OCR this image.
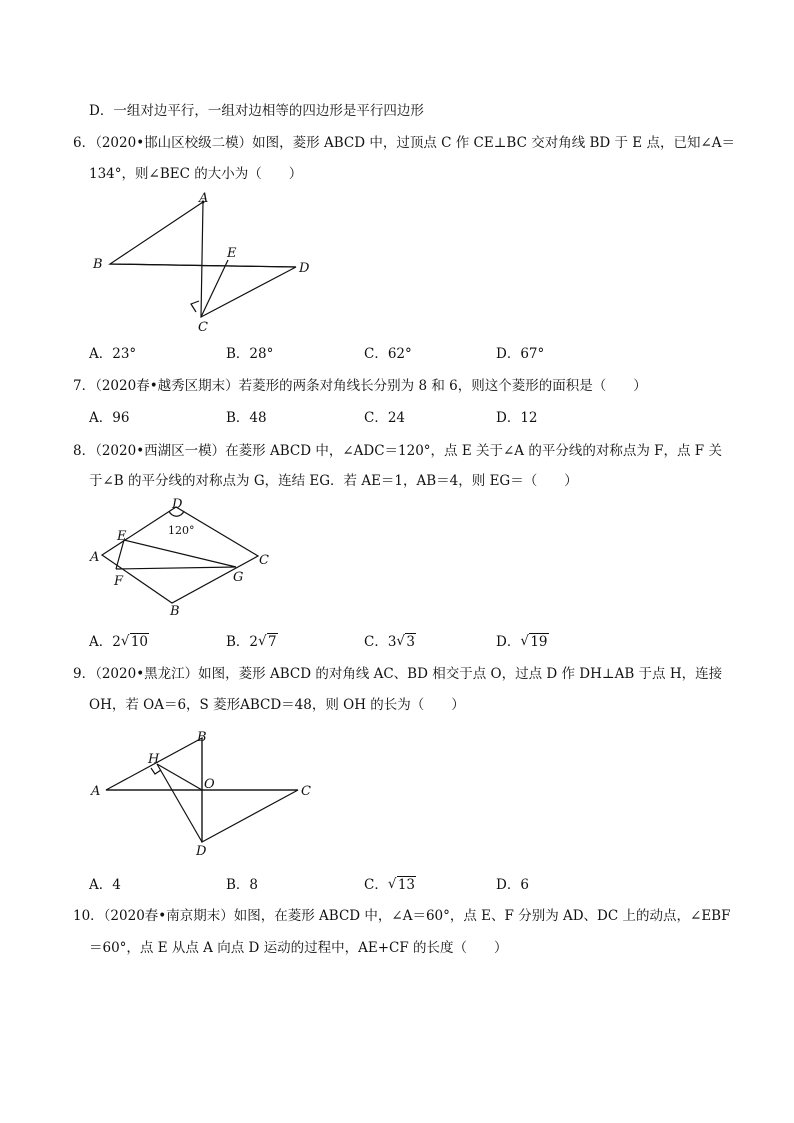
D．一组对边平行，一组对边相等的四边形是平行四边形
6．（2020•邯山区校级二模）如图，菱形 ABCD 中，过顶点 C 作 CE⊥BC 交对角线 BD 于 E 点，已知∠A＝
134°，则∠BEC 的大小为（　　）
A
B
C
D
E
A．23°	B．28°	C．62°	D．67°
7．（2020春•越秀区期末）若菱形的两条对角线长分别为 8 和 6，则这个菱形的面积是（　　）
A．96	B．48	C．24	D．12
8．（2020•西湖区一模）在菱形 ABCD 中，∠ADC＝120°，点 E 关于∠A 的平分线的对称点为 F，点 F 关
于∠B 的平分线的对称点为 G，连结 EG．若 AE＝1，AB＝4，则 EG＝（　　）
D
120°
E
A
F
B
C
G
A．2 √ 10	B．2 √ 7	C．3 √ 3	D． √ 19
9．（2020•黑龙江）如图，菱形 ABCD 的对角线 AC、BD 相交于点 O，过点 D 作 DH⊥AB 于点 H，连接
OH，若 OA＝6，S 菱形ABCD＝48，则 OH 的长为（　　）
B
H
A	O	C
D
A．4	B．8	C． √ 13	D．6
10．（2020春•南京期末）如图，在菱形 ABCD 中，∠A＝60°，点 E、F 分别为 AD、DC 上的动点，∠EBF
＝60°，点 E 从点 A 向点 D 运动的过程中，AE+CF 的长度（　　）
